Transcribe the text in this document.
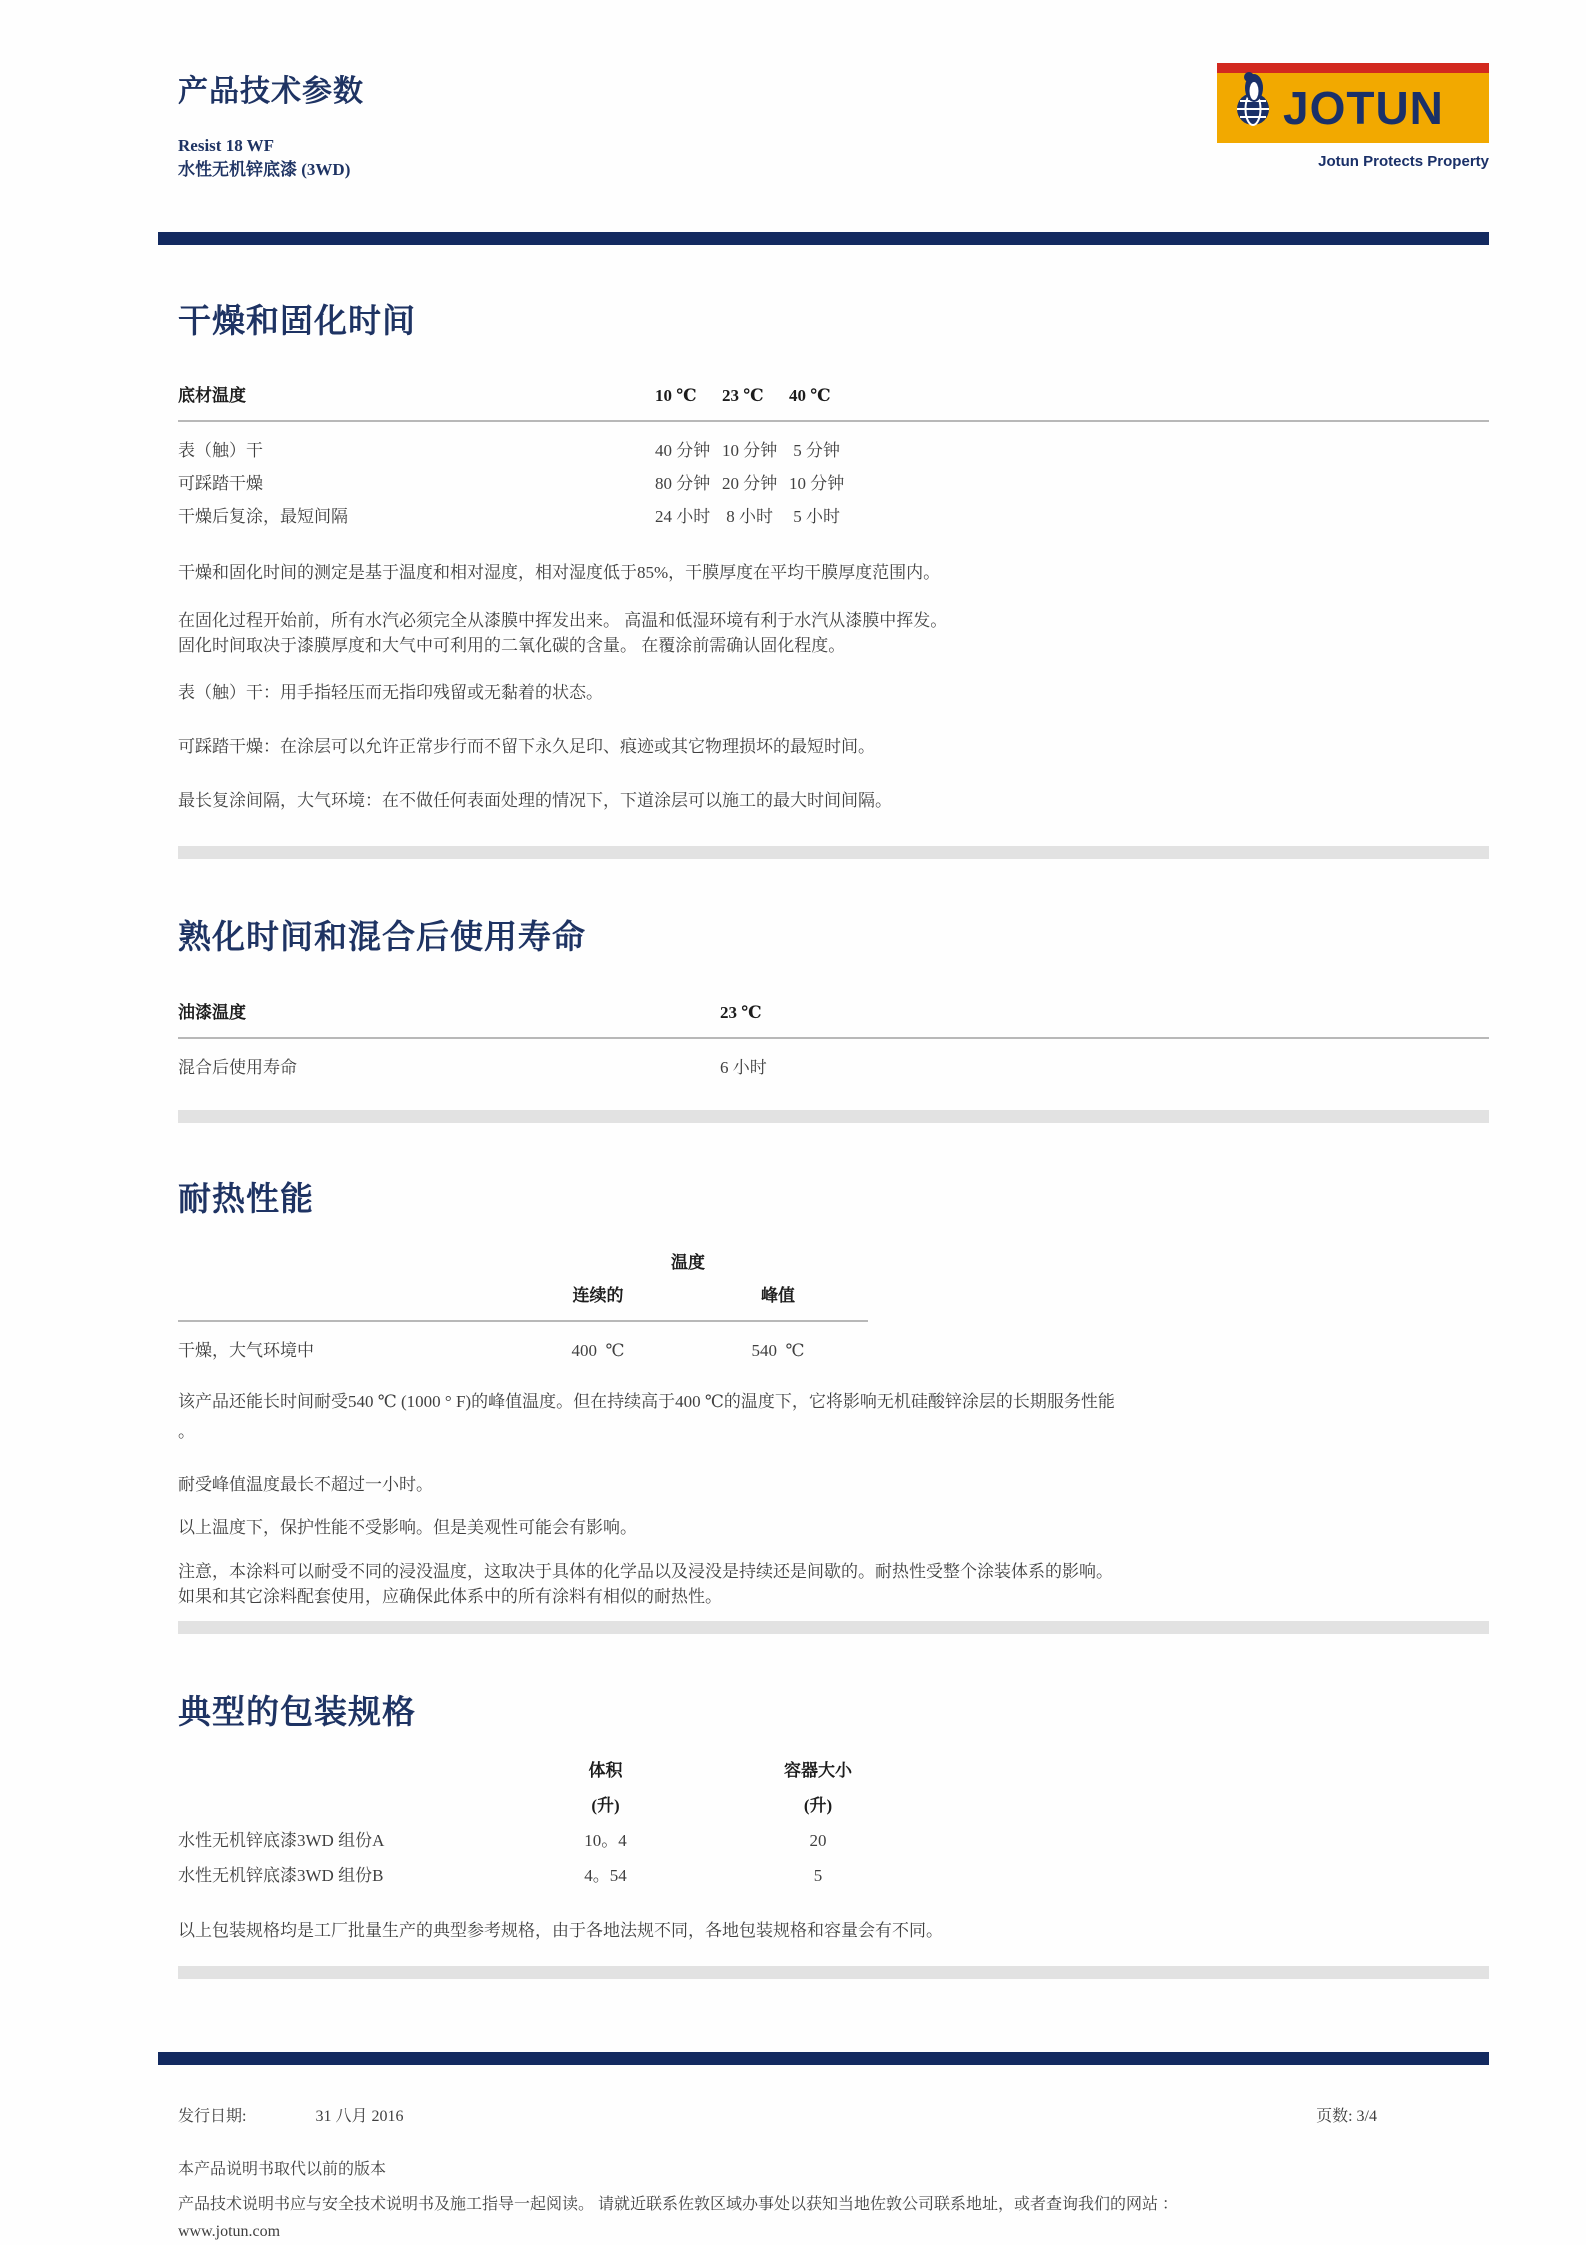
产品技术参数
Resist 18 WF
水性无机锌底漆 (3WD)
JOTUN
Jotun Protects Property
干燥和固化时间
底材温度	10 ℃	23 ℃	40 ℃
表（触）干	40 分钟 10 分钟 5 分钟
可踩踏干燥	80 分钟 20 分钟 10 分钟
干燥后复涂，最短间隔	24 小时 8 小时 5 小时

干燥和固化时间的测定是基于温度和相对湿度，相对湿度低于85%，干膜厚度在平均干膜厚度范围内。

在固化过程开始前，所有水汽必须完全从漆膜中挥发出来。 高温和低湿环境有利于水汽从漆膜中挥发。

固化时间取决于漆膜厚度和大气中可利用的二氧化碳的含量。 在覆涂前需确认固化程度。

表（触）干：用手指轻压而无指印残留或无黏着的状态。

可踩踏干燥：在涂层可以允许正常步行而不留下永久足印、痕迹或其它物理损坏的最短时间。

最长复涂间隔，大气环境：在不做任何表面处理的情况下，下道涂层可以施工的最大时间间隔。

熟化时间和混合后使用寿命
油漆温度	23 ℃
混合后使用寿命	6 小时
耐热性能
温度
连续的	峰值
干燥，大气环境中	400  ℃	540  ℃

该产品还能长时间耐受540 ℃ (1000 ° F)的峰值温度。但在持续高于400 ℃的温度下，它将影响无机硅酸锌涂层的长期服务性能

。

耐受峰值温度最长不超过一小时。

以上温度下，保护性能不受影响。但是美观性可能会有影响。

注意，本涂料可以耐受不同的浸没温度，这取决于具体的化学品以及浸没是持续还是间歇的。耐热性受整个涂装体系的影响。

如果和其它涂料配套使用，应确保此体系中的所有涂料有相似的耐热性。

典型的包装规格
体积	容器大小
(升)	(升)
水性无机锌底漆3WD 组份A	10。4	20
水性无机锌底漆3WD 组份B	4。54	5

以上包装规格均是工厂批量生产的典型参考规格，由于各地法规不同，各地包装规格和容量会有不同。

发行日期:	31 八月 2016	页数: 3/4
本产品说明书取代以前的版本
产品技术说明书应与安全技术说明书及施工指导一起阅读。 请就近联系佐敦区域办事处以获知当地佐敦公司联系地址，或者查询我们的网站 ：
www.jotun.com
